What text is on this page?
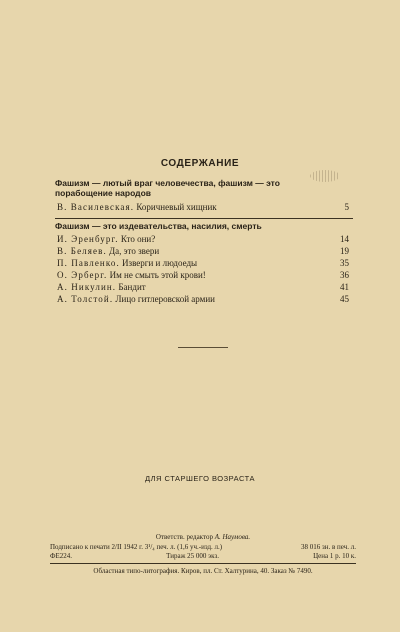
СОДЕРЖАНИЕ
Фашизм — лютый враг человечества, фашизм — это
порабощение народов
В. Василевская. Коричневый хищник	5
Фашизм — это издевательства, насилия, смерть
И. Эренбург. Кто они?	14
В. Беляев. Да, это звери	19
П. Павленко. Изверги и людоеды	35
О. Эрберг. Им не смыть этой крови!	36
А. Никулин. Бандит	41
А. Толстой. Лицо гитлеровской армии	45
ДЛЯ СТАРШЕГО ВОЗРАСТА
Ответств. редактор А. Наумова.
Подписано к печати 2/II 1942 г. 3¹/₄ печ. л. (1,6 уч.-изд. л.)	38 016 зн. в печ. л.
ФЕ224.	Тираж 25 000 экз.	Цена 1 р. 10 к.
Областная типо-литография. Киров, пл. Ст. Халтурина, 40. Заказ № 7490.
